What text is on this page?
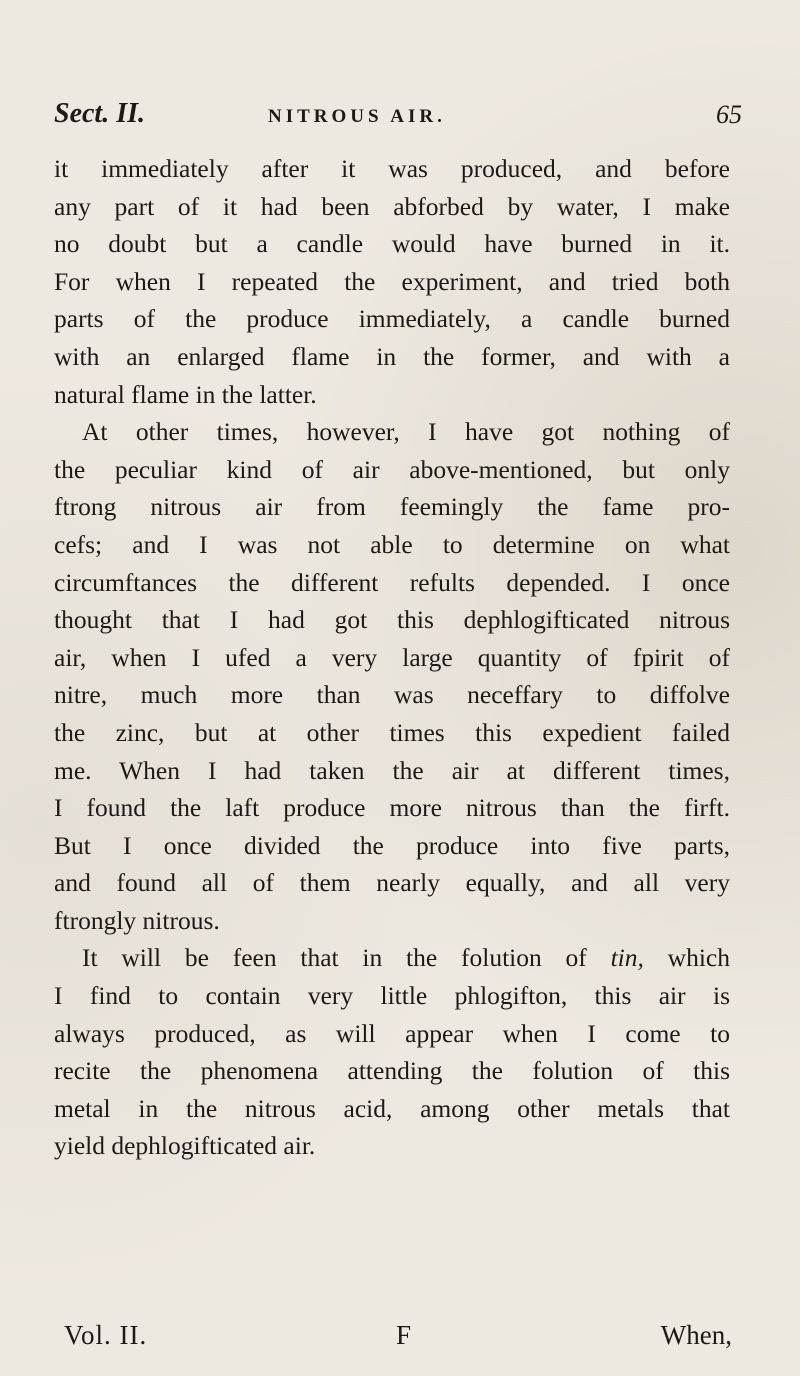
Sect. II.	NITROUS AIR.	65
it immediately after it was produced, and before
any part of it had been abforbed by water, I make
no doubt but a candle would have burned in it.
For when I repeated the experiment, and tried both
parts of the produce immediately, a candle burned
with an enlarged flame in the former, and with a
natural flame in the latter.
At other times, however, I have got nothing of
the peculiar kind of air above-mentioned, but only
ftrong nitrous air from feemingly the fame pro-
cefs; and I was not able to determine on what
circumftances the different refults depended. I once
thought that I had got this dephlogifticated nitrous
air, when I ufed a very large quantity of fpirit of
nitre, much more than was neceffary to diffolve
the zinc, but at other times this expedient failed
me. When I had taken the air at different times,
I found the laft produce more nitrous than the firft.
But I once divided the produce into five parts,
and found all of them nearly equally, and all very
ftrongly nitrous.
It will be feen that in the folution of tin, which
I find to contain very little phlogifton, this air is
always produced, as will appear when I come to
recite the phenomena attending the folution of this
metal in the nitrous acid, among other metals that
yield dephlogifticated air.
Vol. II.	F	When,
